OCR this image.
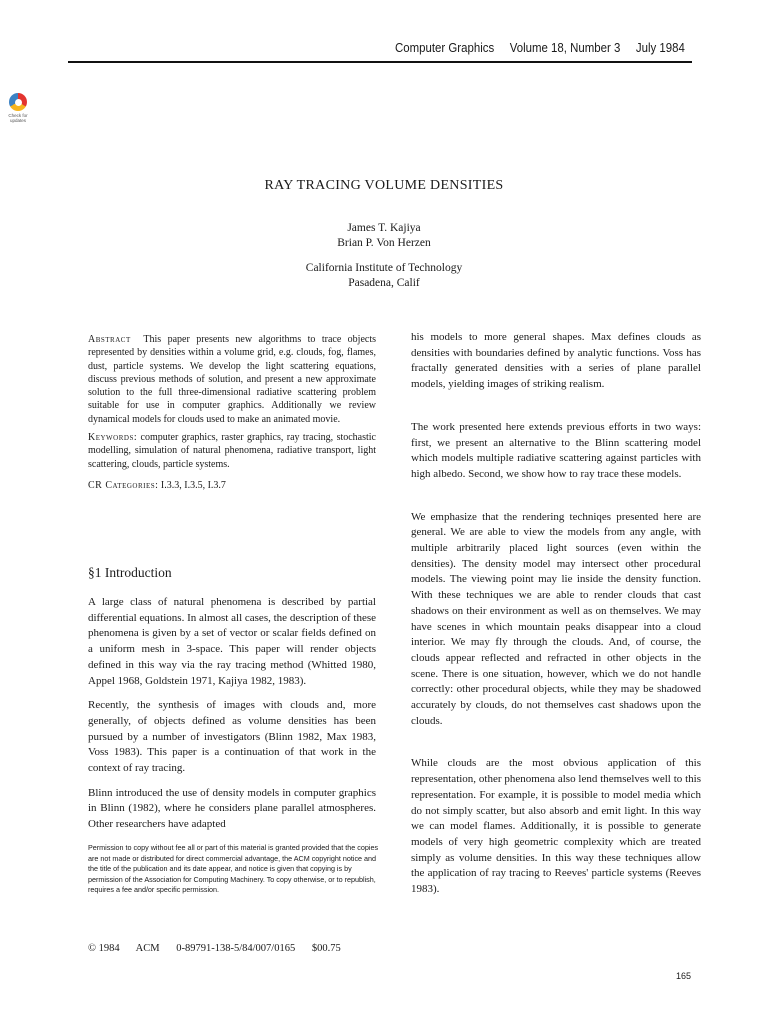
Computer Graphics Volume 18, Number 3 July 1984
Check for updates
RAY TRACING VOLUME DENSITIES
James T. Kajiya
Brian P. Von Herzen
California Institute of Technology
Pasadena, Calif

Abstract This paper presents new algorithms to trace objects represented by densities within a volume grid, e.g. clouds, fog, flames, dust, particle systems. We develop the light scattering equations, discuss previous methods of solution, and present a new approximate solution to the full three-dimensional radiative scattering problem suitable for use in computer graphics. Additionally we review dynamical models for clouds used to make an animated movie.

Keywords: computer graphics, raster graphics, ray tracing, stochastic modelling, simulation of natural phenomena, radiative transport, light scattering, clouds, particle systems.

CR Categories: I.3.3, I.3.5, I.3.7

§1 Introduction

A large class of natural phenomena is described by partial differential equations. In almost all cases, the description of these phenomena is given by a set of vector or scalar fields defined on a uniform mesh in 3-space. This paper will render objects defined in this way via the ray tracing method (Whitted 1980, Appel 1968, Goldstein 1971, Kajiya 1982, 1983).

Recently, the synthesis of images with clouds and, more generally, of objects defined as volume densities has been pursued by a number of investigators (Blinn 1982, Max 1983, Voss 1983). This paper is a continuation of that work in the context of ray tracing.

Blinn introduced the use of density models in computer graphics in Blinn (1982), where he considers plane parallel atmospheres. Other researchers have adapted

Permission to copy without fee all or part of this material is granted provided that the copies are not made or distributed for direct commercial advantage, the ACM copyright notice and the title of the publication and its date appear, and notice is given that copying is by permission of the Association for Computing Machinery. To copy otherwise, or to republish, requires a fee and/or specific permission.

© 1984 ACM 0-89791-138-5/84/007/0165 $00.75

his models to more general shapes. Max defines clouds as densities with boundaries defined by analytic functions. Voss has fractally generated densities with a series of plane parallel models, yielding images of striking realism.

The work presented here extends previous efforts in two ways: first, we present an alternative to the Blinn scattering model which models multiple radiative scattering against particles with high albedo. Second, we show how to ray trace these models.

We emphasize that the rendering techniqes presented here are general. We are able to view the models from any angle, with multiple arbitrarily placed light sources (even within the densities). The density model may intersect other procedural models. The viewing point may lie inside the density function. With these techniques we are able to render clouds that cast shadows on their environment as well as on themselves. We may have scenes in which mountain peaks disappear into a cloud interior. We may fly through the clouds. And, of course, the clouds appear reflected and refracted in other objects in the scene. There is one situation, however, which we do not handle correctly: other procedural objects, while they may be shadowed accurately by clouds, do not themselves cast shadows upon the clouds.

While clouds are the most obvious application of this representation, other phenomena also lend themselves well to this representation. For example, it is possible to model media which do not simply scatter, but also absorb and emit light. In this way we can model flames. Additionally, it is possible to generate models of very high geometric complexity which are treated simply as volume densities. In this way these techniques allow the application of ray tracing to Reeves' particle systems (Reeves 1983).

165
